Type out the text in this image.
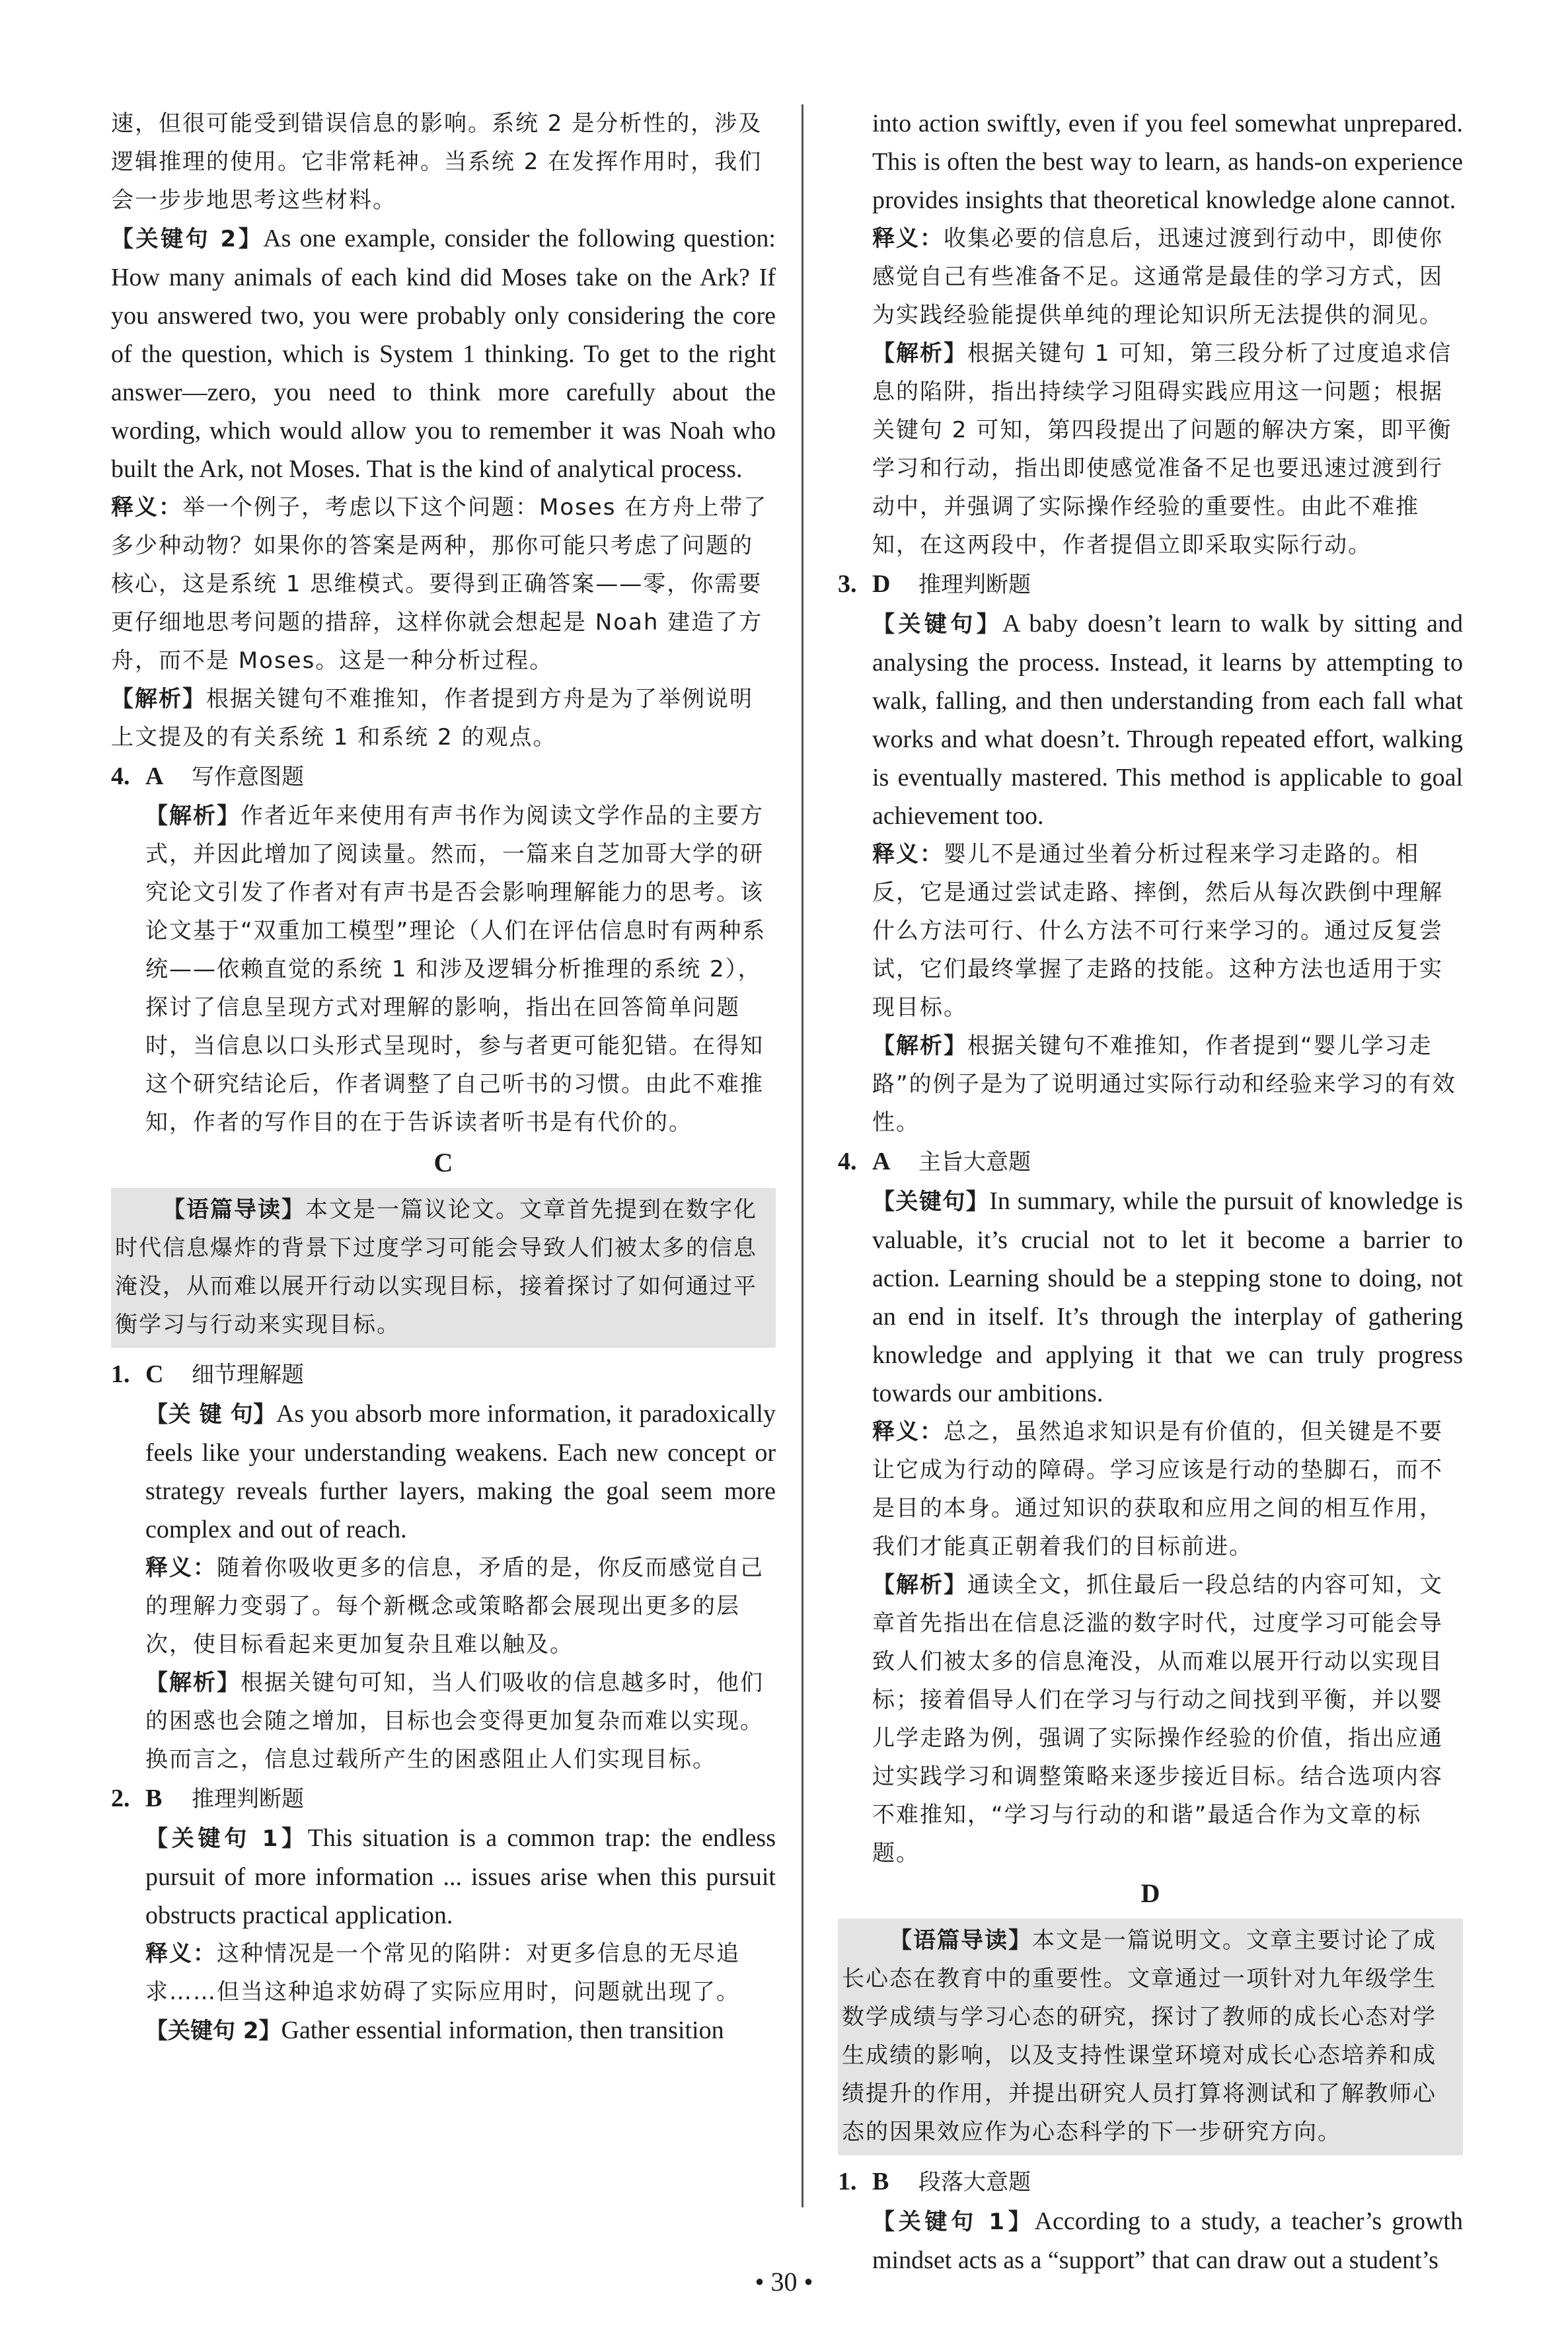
速，但很可能受到错误信息的影响。系统 2 是分析性的，涉及逻辑推理的使用。它非常耗神。当系统 2 在发挥作用时，我们会一步步地思考这些材料。

【关键句 2】As one example, consider the following question: How many animals of each kind did Moses take on the Ark? If you answered two, you were probably only considering the core of the question, which is System 1 thinking. To get to the right answer—zero, you need to think more carefully about the wording, which would allow you to remember it was Noah who built the Ark, not Moses. That is the kind of analytical process.

释义：举一个例子，考虑以下这个问题：Moses 在方舟上带了多少种动物？如果你的答案是两种，那你可能只考虑了问题的核心，这是系统 1 思维模式。要得到正确答案——零，你需要更仔细地思考问题的措辞，这样你就会想起是 Noah 建造了方舟，而不是 Moses。这是一种分析过程。

【解析】根据关键句不难推知，作者提到方舟是为了举例说明上文提及的有关系统 1 和系统 2 的观点。

4. A 写作意图题

【解析】作者近年来使用有声书作为阅读文学作品的主要方式，并因此增加了阅读量。然而，一篇来自芝加哥大学的研究论文引发了作者对有声书是否会影响理解能力的思考。该论文基于“双重加工模型”理论（人们在评估信息时有两种系统——依赖直觉的系统 1 和涉及逻辑分析推理的系统 2），探讨了信息呈现方式对理解的影响，指出在回答简单问题时，当信息以口头形式呈现时，参与者更可能犯错。在得知这个研究结论后，作者调整了自己听书的习惯。由此不难推知，作者的写作目的在于告诉读者听书是有代价的。

C

【语篇导读】本文是一篇议论文。文章首先提到在数字化时代信息爆炸的背景下过度学习可能会导致人们被太多的信息淹没，从而难以展开行动以实现目标，接着探讨了如何通过平衡学习与行动来实现目标。

1. C 细节理解题

【关 键 句】As you absorb more information, it paradoxically feels like your understanding weakens. Each new concept or strategy reveals further layers, making the goal seem more complex and out of reach.

释义：随着你吸收更多的信息，矛盾的是，你反而感觉自己的理解力变弱了。每个新概念或策略都会展现出更多的层次，使目标看起来更加复杂且难以触及。

【解析】根据关键句可知，当人们吸收的信息越多时，他们的困惑也会随之增加，目标也会变得更加复杂而难以实现。换而言之，信息过载所产生的困惑阻止人们实现目标。

2. B 推理判断题

【关键句 1】This situation is a common trap: the endless pursuit of more information ... issues arise when this pursuit obstructs practical application.

释义：这种情况是一个常见的陷阱：对更多信息的无尽追求……但当这种追求妨碍了实际应用时，问题就出现了。

【关键句 2】Gather essential information, then transition

into action swiftly, even if you feel somewhat unprepared. This is often the best way to learn, as hands-on experience provides insights that theoretical knowledge alone cannot.

释义：收集必要的信息后，迅速过渡到行动中，即使你感觉自己有些准备不足。这通常是最佳的学习方式，因为实践经验能提供单纯的理论知识所无法提供的洞见。

【解析】根据关键句 1 可知，第三段分析了过度追求信息的陷阱，指出持续学习阻碍实践应用这一问题；根据关键句 2 可知，第四段提出了问题的解决方案，即平衡学习和行动，指出即使感觉准备不足也要迅速过渡到行动中，并强调了实际操作经验的重要性。由此不难推知，在这两段中，作者提倡立即采取实际行动。

3. D 推理判断题

【关键句】A baby doesn’t learn to walk by sitting and analysing the process. Instead, it learns by attempting to walk, falling, and then understanding from each fall what works and what doesn’t. Through repeated effort, walking is eventually mastered. This method is applicable to goal achievement too.

释义：婴儿不是通过坐着分析过程来学习走路的。相反，它是通过尝试走路、摔倒，然后从每次跌倒中理解什么方法可行、什么方法不可行来学习的。通过反复尝试，它们最终掌握了走路的技能。这种方法也适用于实现目标。

【解析】根据关键句不难推知，作者提到“婴儿学习走路”的例子是为了说明通过实际行动和经验来学习的有效性。

4. A 主旨大意题

【关键句】In summary, while the pursuit of knowledge is valuable, it’s crucial not to let it become a barrier to action. Learning should be a stepping stone to doing, not an end in itself. It’s through the interplay of gathering knowledge and applying it that we can truly progress towards our ambitions.

释义：总之，虽然追求知识是有价值的，但关键是不要让它成为行动的障碍。学习应该是行动的垫脚石，而不是目的本身。通过知识的获取和应用之间的相互作用，我们才能真正朝着我们的目标前进。

【解析】通读全文，抓住最后一段总结的内容可知，文章首先指出在信息泛滥的数字时代，过度学习可能会导致人们被太多的信息淹没，从而难以展开行动以实现目标；接着倡导人们在学习与行动之间找到平衡，并以婴儿学走路为例，强调了实际操作经验的价值，指出应通过实践学习和调整策略来逐步接近目标。结合选项内容不难推知，“学习与行动的和谐”最适合作为文章的标题。

D

【语篇导读】本文是一篇说明文。文章主要讨论了成长心态在教育中的重要性。文章通过一项针对九年级学生数学成绩与学习心态的研究，探讨了教师的成长心态对学生成绩的影响，以及支持性课堂环境对成长心态培养和成绩提升的作用，并提出研究人员打算将测试和了解教师心态的因果效应作为心态科学的下一步研究方向。

1. B 段落大意题

【关键句 1】According to a study, a teacher’s growth mindset acts as a “support” that can draw out a student’s

• 30 •
